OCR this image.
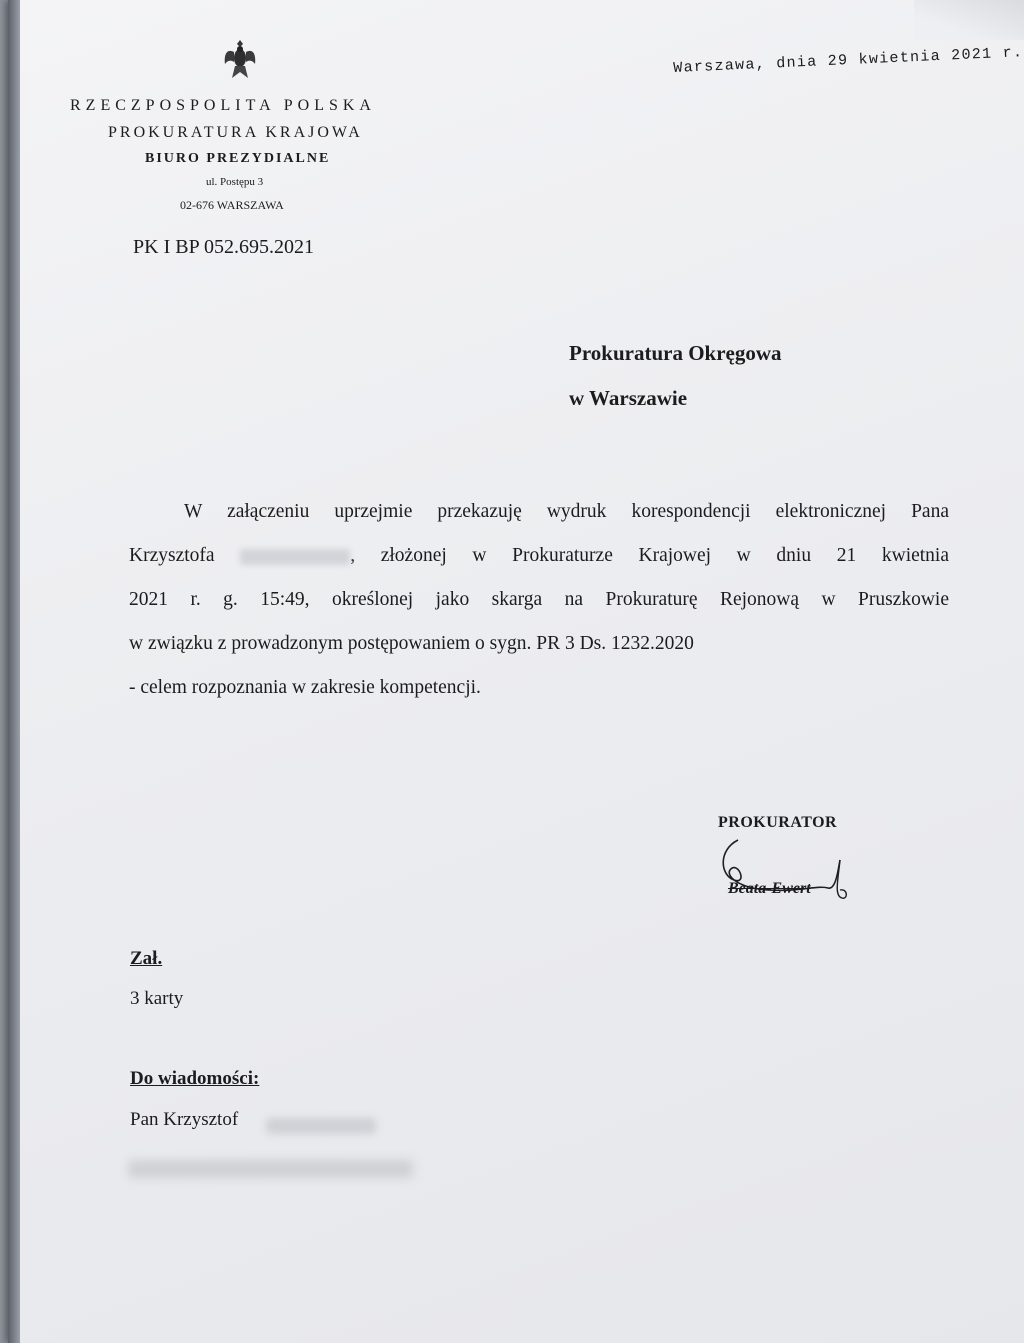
RZECZPOSPOLITA POLSKA
PROKURATURA KRAJOWA
BIURO PREZYDIALNE
ul. Postępu 3
02-676 WARSZAWA
PK I BP 052.695.2021
Warszawa, dnia 29 kwietnia 2021 r.
Prokuratura Okręgowa
w Warszawie

W załączeniu uprzejmie przekazuję wydruk korespondencji elektronicznej Pana

Krzysztofa	, złożonej w Prokuraturze Krajowej w dniu 21 kwietnia

2021 r. g. 15:49, określonej jako skarga na Prokuraturę Rejonową w Pruszkowie

w związku z prowadzonym postępowaniem o sygn. PR 3 Ds. 1232.2020

- celem rozpoznania w zakresie kompetencji.

PROKURATOR
Beata-Ewert
Zał.
3 karty
Do wiadomości:
Pan Krzysztof
